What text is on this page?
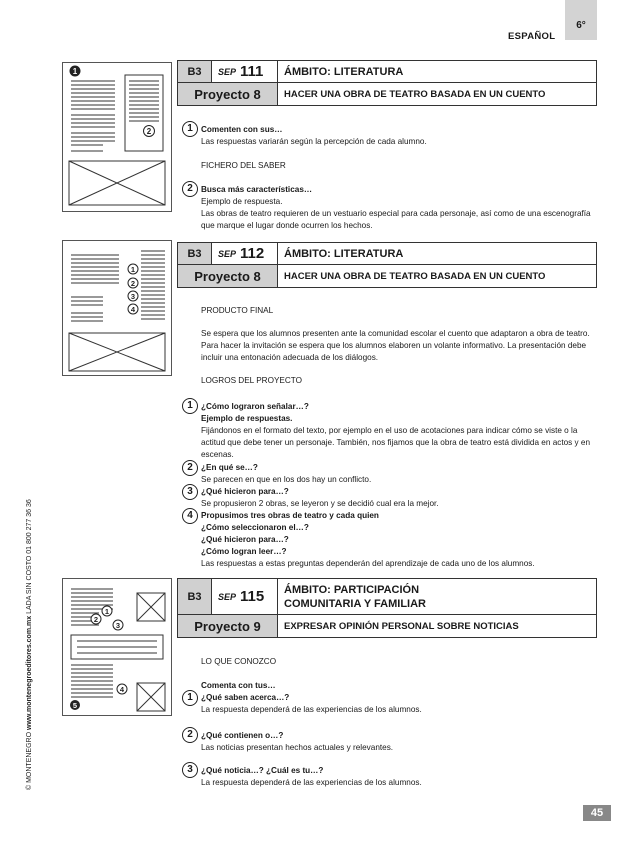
ESPAÑOL
6°
© MONTENEGRO www.montenegroeditores.com.mx LADA SIN COSTO 01 800 277 36 36
1
2
B3	SEP 111	ÁMBITO: LITERATURA
Proyecto 8	HACER UNA OBRA DE TEATRO BASADA EN UN CUENTO
1	Comenten con sus…

Las respuestas variarán según la percepción de cada alumno.

FICHERO DEL SABER

2	Busca más características…

Ejemplo de respuesta.

Las obras de teatro requieren de un vestuario especial para cada personaje, así como de una escenografía que marque el lugar donde ocurren los hechos.

1
2
3
4
B3	SEP 112	ÁMBITO: LITERATURA
Proyecto 8	HACER UNA OBRA DE TEATRO BASADA EN UN CUENTO

PRODUCTO FINAL

Se espera que los alumnos presenten ante la comunidad escolar el cuento que adaptaron a obra de teatro. Para hacer la invitación se espera que los alumnos elaboren un volante informativo. La presentación debe incluir una entonación adecuada de los diálogos.

LOGROS DEL PROYECTO

1	¿Cómo lograron señalar…?

Ejemplo de respuestas.

Fijándonos en el formato del texto, por ejemplo en el uso de acotaciones para indicar cómo se viste o la actitud que debe tener un personaje. También, nos fijamos que la obra de teatro está dividida en actos y en escenas.

2	¿En qué se…?

Se parecen en que en los dos hay un conflicto.

3	¿Qué hicieron para…?

Se propusieron 2 obras, se leyeron y se decidió cual era la mejor.

4	Propusimos tres obras de teatro y cada quien

¿Cómo seleccionaron el…?

¿Qué hicieron para…?

¿Cómo logran leer…?

Las respuestas a estas preguntas dependerán del aprendizaje de cada uno de los alumnos.

1
2
3
4
5
B3	SEP 115 ÁMBITO: PARTICIPACIÓN
COMUNITARIA Y FAMILIAR
Proyecto 9	EXPRESAR OPINIÓN PERSONAL SOBRE NOTICIAS

LO QUE CONOZCO

Comenta con tus…

1	¿Qué saben acerca…?

La respuesta dependerá de las experiencias de los alumnos.

2	¿Qué contienen o…?

Las noticias presentan hechos actuales y relevantes.

3	¿Qué noticia…? ¿Cuál es tu…?

La respuesta dependerá de las experiencias de los alumnos.

45
